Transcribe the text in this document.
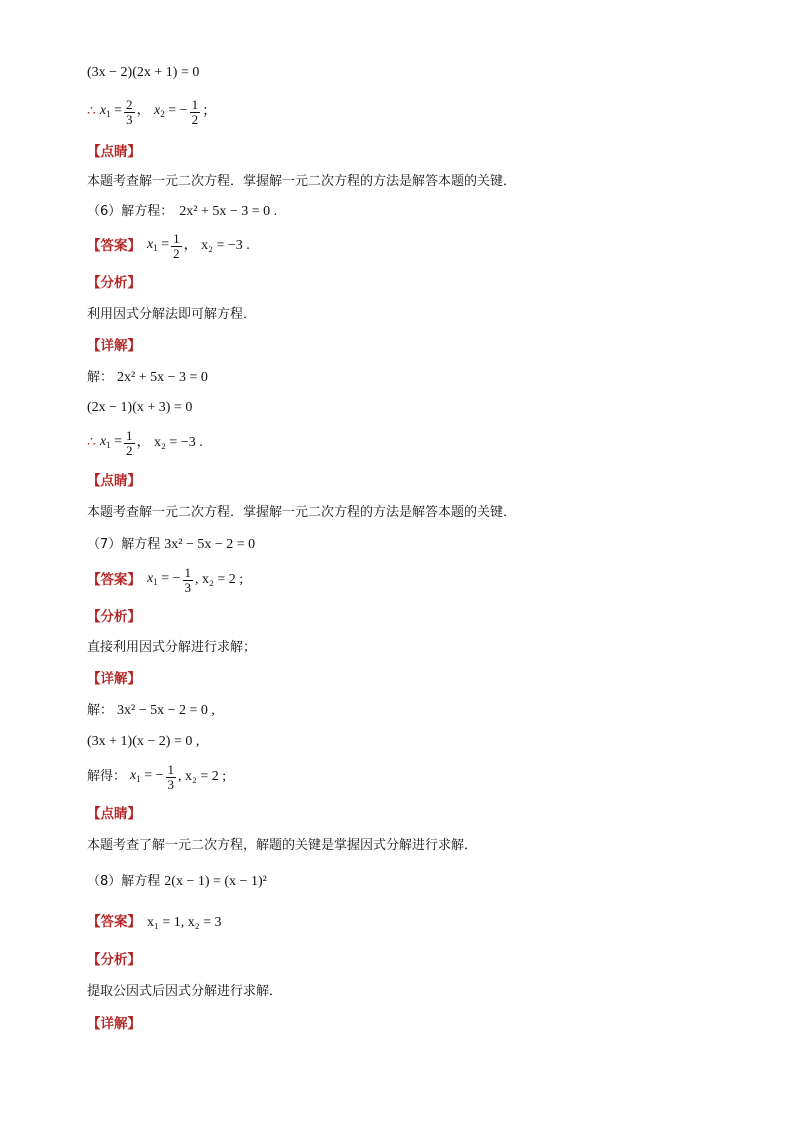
(3x − 2)(2x + 1) = 0
∴ $x_1 = \frac{2}{3}$ ， $x_2$ = − $\frac{1}{2}$ ；
【点睛】
本题考查解一元二次方程．掌握解一元二次方程的方法是解答本题的关键．
（6）解方程： 2x² + 5x − 3 = 0 .
【答案】 $x_1 = \frac{1}{2}$ ， x₂ = −3 .
【分析】
利用因式分解法即可解方程．
【详解】
解： 2x² + 5x − 3 = 0
(2x − 1)(x + 3) = 0
∴ $x_1 = \frac{1}{2}$ ， x₂ = −3 .
【点睛】
本题考查解一元二次方程．掌握解一元二次方程的方法是解答本题的关键．
（7）解方程 3x² − 5x − 2 = 0
【答案】 $x_1$ = − $\frac{1}{3}$ , x₂ = 2 ;
【分析】
直接利用因式分解进行求解；
【详解】
解： 3x² − 5x − 2 = 0 ,
(3x + 1)(x − 2) = 0 ,
解得： $x_1$ = − $\frac{1}{3}$ , x₂ = 2 ;
【点睛】
本题考查了解一元二次方程，解题的关键是掌握因式分解进行求解．
（8）解方程 2(x − 1) = (x − 1)²
【答案】 x₁ = 1, x₂ = 3
【分析】
提取公因式后因式分解进行求解．
【详解】
